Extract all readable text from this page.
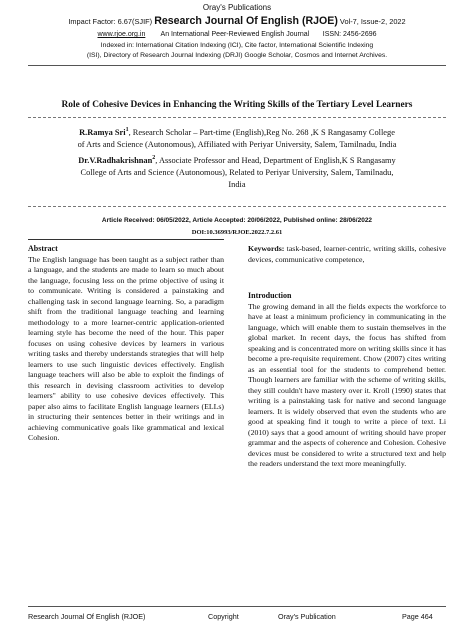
Oray's Publications
Impact Factor: 6.67(SJIF) Research Journal Of English (RJOE) Vol-7, Issue-2, 2022
www.rjoe.org.in An International Peer-Reviewed English Journal ISSN: 2456-2696
Indexed in: International Citation Indexing (ICI), Cite factor, International Scientific Indexing
(ISI), Directory of Research Journal Indexing (DRJI) Google Scholar, Cosmos and Internet Archives.
Role of Cohesive Devices in Enhancing the Writing Skills of the Tertiary Level Learners
R.Ramya Sri$^1$, Research Scholar – Part-time (English),Reg No. 268 ,K S Rangasamy College
of Arts and Science (Autonomous), Affiliated with Periyar University, Salem, Tamilnadu, India
Dr.V.Radhakrishnan$^2$, Associate Professor and Head, Department of English,K S Rangasamy
College of Arts and Science (Autonomous), Related to Periyar University, Salem, Tamilnadu,
India
Article Received: 06/05/2022, Article Accepted: 20/06/2022, Published online: 28/06/2022
DOI:10.36993/RJOE.2022.7.2.61
Abstract

The English language has been taught as a subject rather than a language, and the students are made to learn so much about the language, focusing less on the prime objective of using it to communicate. Writing is considered a painstaking and challenging task in second language learning. So, a paradigm shift from the traditional language teaching and learning methodology to a more learner-centric application-oriented learning style has become the need of the hour. This paper focuses on using cohesive devices by learners in various writing tasks and thereby understands strategies that will help learners to use such linguistic devices effectively. English language teachers will also be able to exploit the findings of this research in devising classroom activities to develop learners" ability to use cohesive devices effectively. This paper also aims to facilitate English language learners (ELLs) in structuring their sentences better in their writings and in achieving communicative goals like grammatical and lexical Cohesion.

Keywords: task-based, learner-centric, writing skills, cohesive devices, communicative competence,

Introduction

The growing demand in all the fields expects the workforce to have at least a minimum proficiency in communicating in the language, which will enable them to sustain themselves in the global market. In recent days, the focus has shifted from speaking and is concentrated more on writing skills since it has become a pre-requisite requirement. Chow (2007) cites writing as an essential tool for the students to comprehend better. Though learners are familiar with the scheme of writing skills, they still couldn't have mastery over it. Kroll (1990) states that writing is a painstaking task for native and second language learners. It is widely observed that even the students who are good at speaking find it tough to write a piece of text. Li (2010) says that a good amount of writing should have proper grammar and the aspects of coherence and Cohesion. Cohesive devices must be considered to write a structured text and help the readers understand the text more meaningfully.

Research Journal Of English (RJOE)	Copyright	Oray's Publication	Page 464
